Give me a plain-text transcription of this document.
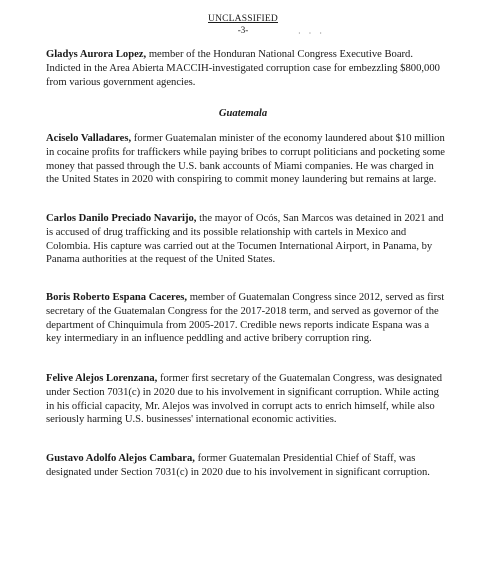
UNCLASSIFIED
-3-	· · ·

Gladys Aurora Lopez, member of the Honduran National Congress Executive Board. Indicted in the Area Abierta MACCIH-investigated corruption case for embezzling $800,000 from various government agencies.

Guatemala

Aciselo Valladares, former Guatemalan minister of the economy laundered about $10 million in cocaine profits for traffickers while paying bribes to corrupt politicians and pocketing some money that passed through the U.S. bank accounts of Miami companies. He was charged in the United States in 2020 with conspiring to commit money laundering but remains at large.

Carlos Danilo Preciado Navarijo, the mayor of Ocós, San Marcos was detained in 2021 and is accused of drug trafficking and its possible relationship with cartels in Mexico and Colombia. His capture was carried out at the Tocumen International Airport, in Panama, by Panama authorities at the request of the United States.

Boris Roberto Espana Caceres, member of Guatemalan Congress since 2012, served as first secretary of the Guatemalan Congress for the 2017-2018 term, and served as governor of the department of Chinquimula from 2005-2017. Credible news reports indicate Espana was a key intermediary in an influence peddling and active bribery corruption ring.

Felive Alejos Lorenzana, former first secretary of the Guatemalan Congress, was designated under Section 7031(c) in 2020 due to his involvement in significant corruption. While acting in his official capacity, Mr. Alejos was involved in corrupt acts to enrich himself, while also seriously harming U.S. businesses' international economic activities.

Gustavo Adolfo Alejos Cambara, former Guatemalan Presidential Chief of Staff, was designated under Section 7031(c) in 2020 due to his involvement in significant corruption.
